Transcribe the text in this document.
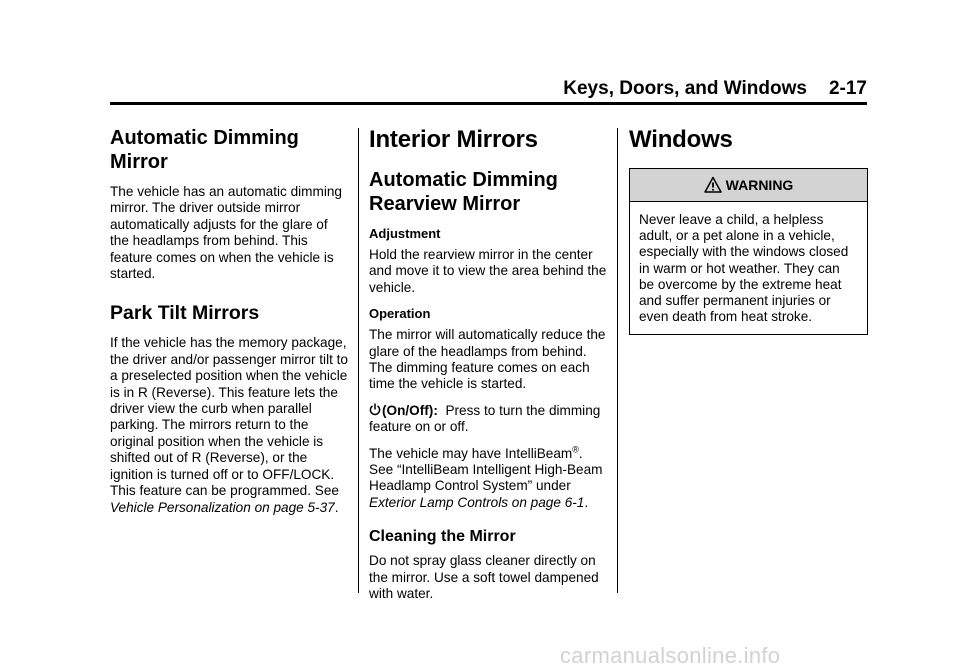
Keys, Doors, and Windows 2-17
Automatic Dimming Mirror

The vehicle has an automatic dimming mirror. The driver outside mirror automatically adjusts for the glare of the headlamps from behind. This feature comes on when the vehicle is started.

Park Tilt Mirrors

If the vehicle has the memory package, the driver and/or passenger mirror tilt to a preselected position when the vehicle is in R (Reverse). This feature lets the driver view the curb when parallel parking. The mirrors return to the original position when the vehicle is shifted out of R (Reverse), or the ignition is turned off or to OFF/LOCK. This feature can be programmed. See Vehicle Personalization on page 5-37.

Interior Mirrors
Automatic Dimming Rearview Mirror
Adjustment

Hold the rearview mirror in the center and move it to view the area behind the vehicle.

Operation

The mirror will automatically reduce the glare of the headlamps from behind. The dimming feature comes on each time the vehicle is started.

(On/Off): Press to turn the dimming feature on or off.

The vehicle may have IntelliBeam®. See “IntelliBeam Intelligent High-Beam Headlamp Control System” under Exterior Lamp Controls on page 6-1.

Cleaning the Mirror

Do not spray glass cleaner directly on the mirror. Use a soft towel dampened with water.

Windows
WARNING

Never leave a child, a helpless adult, or a pet alone in a vehicle, especially with the windows closed in warm or hot weather. They can be overcome by the extreme heat and suffer permanent injuries or even death from heat stroke.

carmanualsonline.info
